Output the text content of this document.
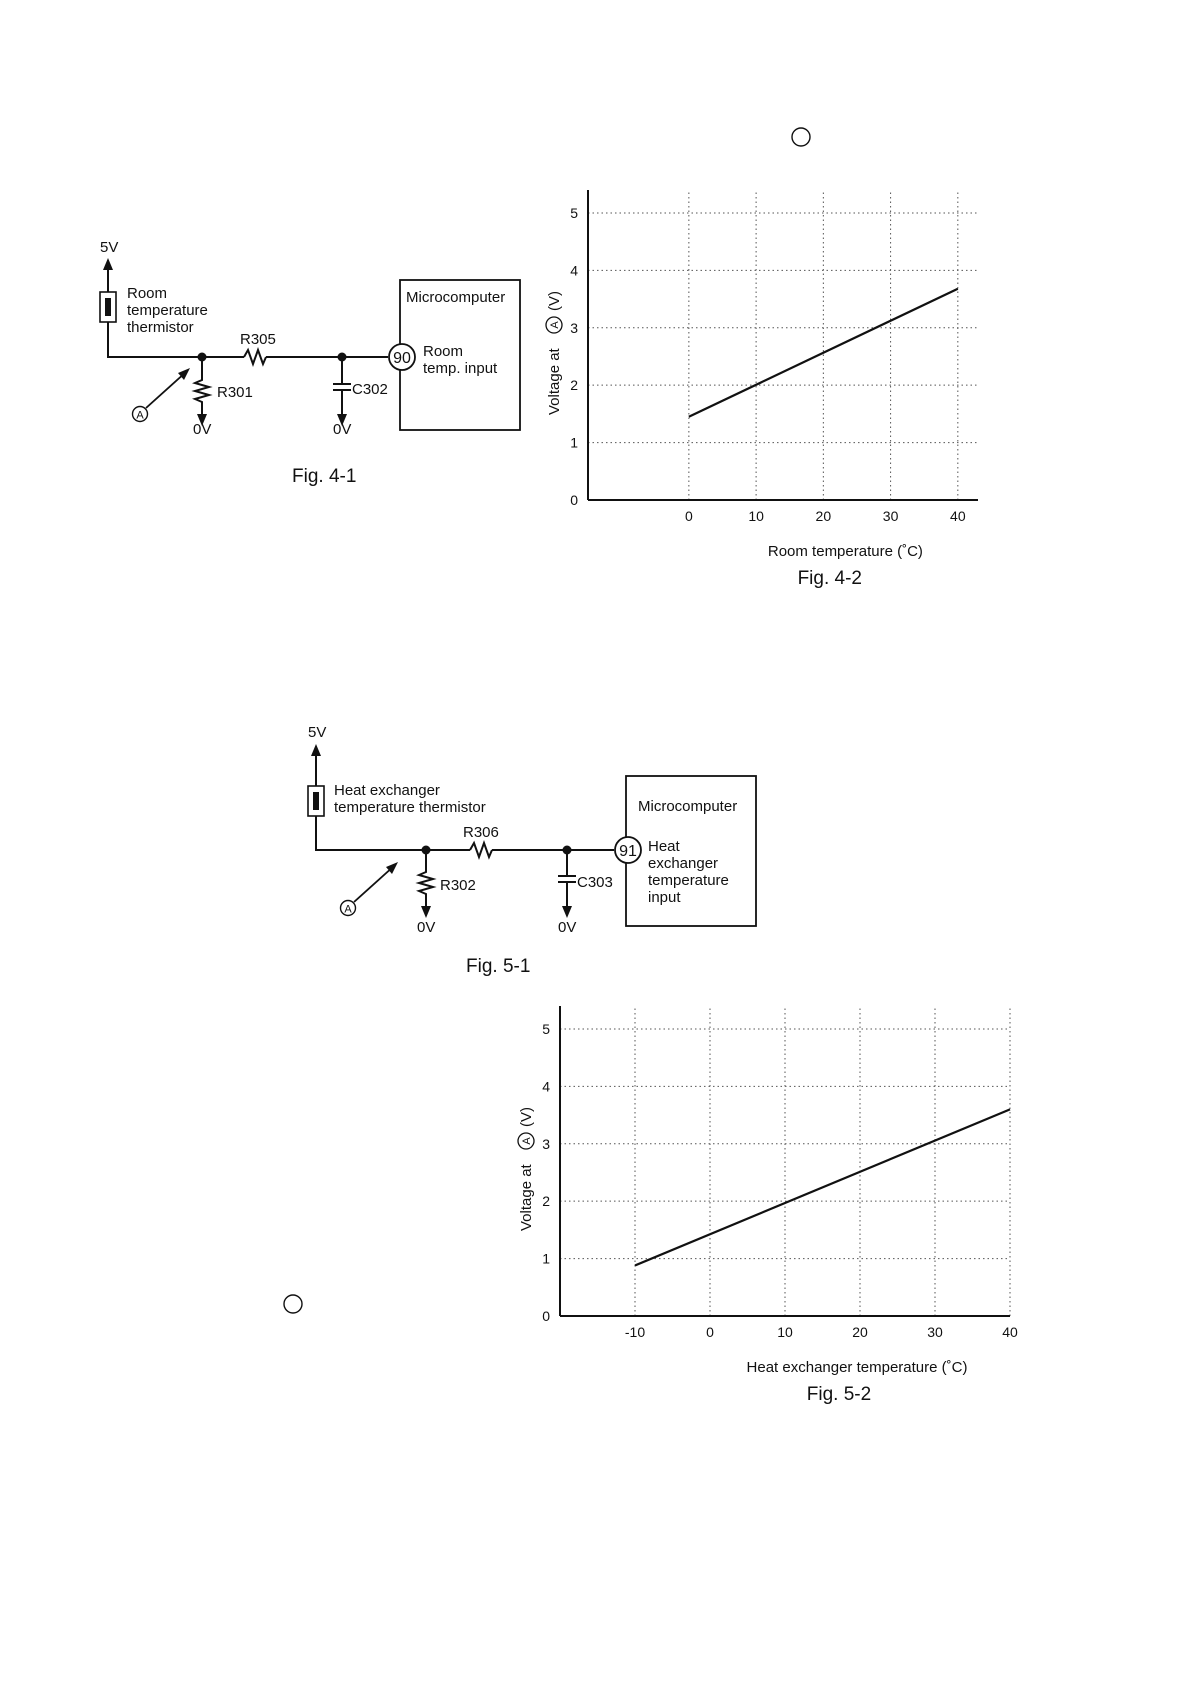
5V
Room
temperature
thermistor
R305
R301
0V
A
C302
0V
Microcomputer
90 Room
temp. input
Fig. 4-1
0
1
2
3
4
5
0	10	20	30	40
Room temperature (˚C)
Voltage at
A
(V)
Fig. 4-2
5V
Heat exchanger
temperature thermistor
R306
R302
0V
A
C303
0V
Microcomputer
91 Heat
exchanger
temperature
input
Fig. 5-1
0
1
2
3
4
5
-10	0	10	20	30	40
Heat exchanger temperature (˚C)
Voltage at
A
(V)
Fig. 5-2
